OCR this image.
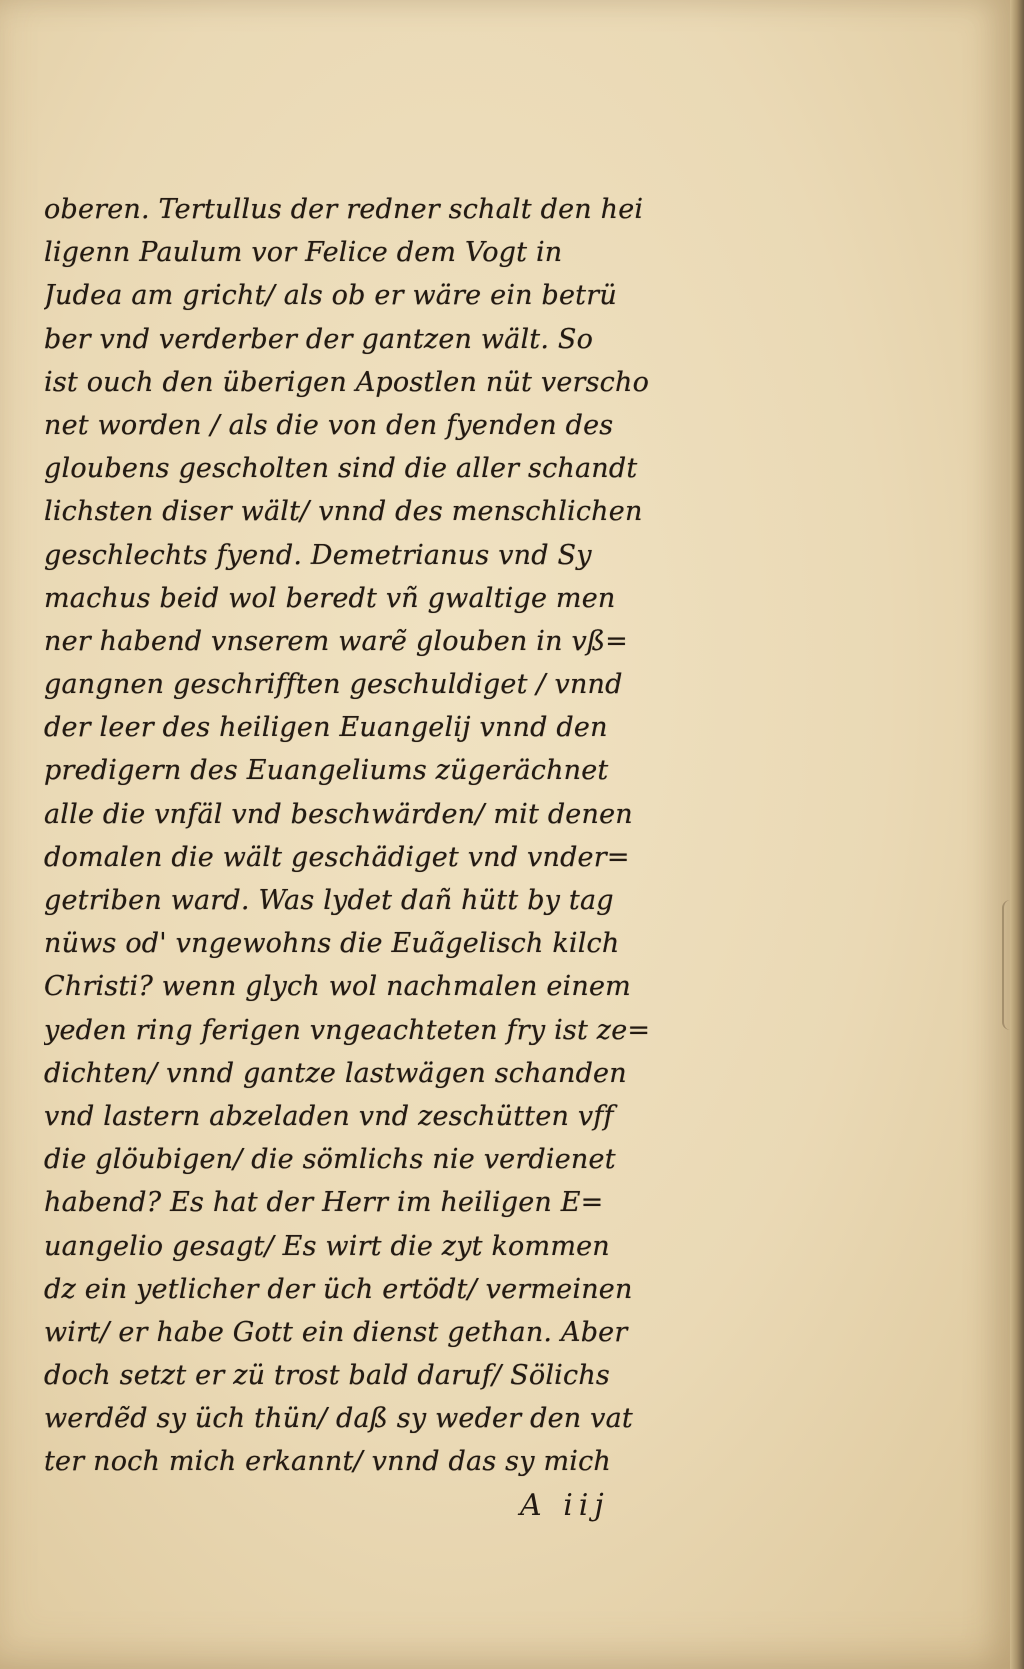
oberen. Tertullus der redner schalt den hei
ligenn Paulum vor Felice dem Vogt in
Judea am gricht/ als ob er wäre ein betrü
ber vnd verderber der gantzen wält. So
ist ouch den überigen Apostlen nüt verscho
net worden / als die von den fyenden des
gloubens gescholten sind die aller schandt
lichsten diser wält/ vnnd des menschlichen
geschlechts fyend. Demetrianus vnd Sy
machus beid wol beredt vñ gwaltige men
ner habend vnserem warẽ glouben in vß=
gangnen geschrifften geschuldiget / vnnd
der leer des heiligen Euangelij vnnd den
predigern des Euangeliums zügerächnet
alle die vnfäl vnd beschwärden/ mit denen
domalen die wält geschädiget vnd vnder=
getriben ward. Was lydet dañ hütt by tag
nüws od' vngewohns die Euãgelisch kilch
Christi? wenn glych wol nachmalen einem
yeden ring ferigen vngeachteten fry ist ze=
dichten/ vnnd gantze lastwägen schanden
vnd lastern abzeladen vnd zeschütten vff
die glöubigen/ die sömlichs nie verdienet
habend? Es hat der Herr im heiligen E=
uangelio gesagt/ Es wirt die zyt kommen
dz ein yetlicher der üch ertödt/ vermeinen
wirt/ er habe Gott ein dienst gethan. Aber
doch setzt er zü trost bald daruf/ Sölichs
werdẽd sy üch thün/ daß sy weder den vat
ter noch mich erkannt/ vnnd das sy mich
A iij
